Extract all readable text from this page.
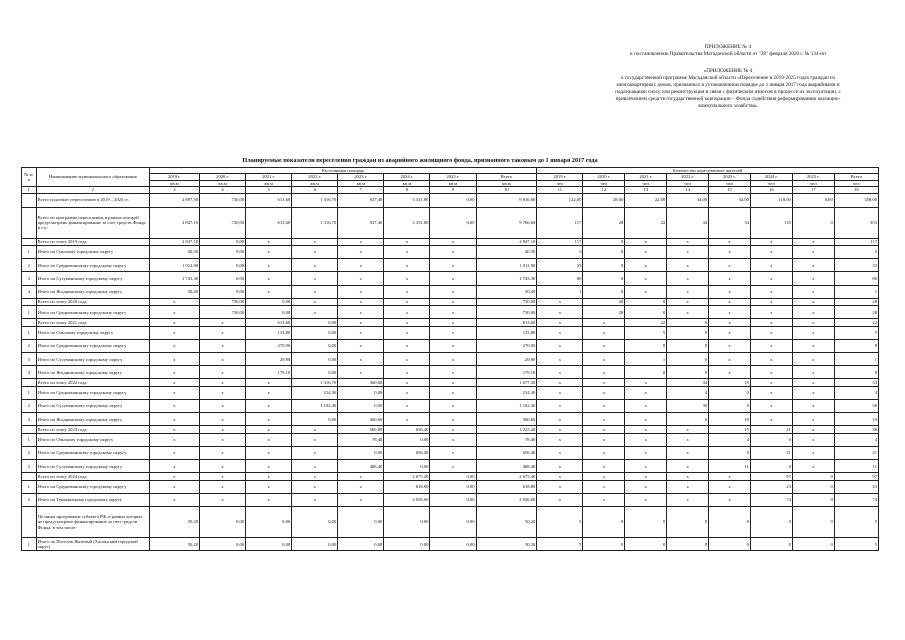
ПРИЛОЖЕНИЕ № 4
к постановлению Правительства Магаданской области от "28" февраля 2020 г. № 134-пп
«ПРИЛОЖЕНИЕ № 4
к государственной программе Магаданской области «Переселение в 2019-2025 годах граждан из многоквартирных домов, признанных в установленном порядке до 1 января 2017 года аварийными и подлежащими сносу или реконструкции в связи с физическим износом в процессе их эксплуатации, с привлечением средств государственной корпорации – Фонда содействия реформированию жилищно-коммунального хозяйства»
Планируемые показатели переселения граждан из аварийного жилищного фонда, признанного таковым до 1 января 2017 года
№ п/п	Наименование муниципального образования	Расселяемая площадь								Количество переселяемых жителей							
		2019 г.	2020 г.	2021 г.	2022 г.	2023 г.	2024 г.	2025 г.	Всего	2019 г.	2020 г.	2021 г.	2022 г.	2023 г.	2024 г.	2025 г.	Всего
		кв.м	кв.м	кв.м	кв.м	кв.м	кв.м	кв.м	кв.м	чел	чел	чел	чел	чел	чел	чел	чел
1	2	3	4	5	6	7	8	9	10	11	12	13	14	15	16	17	18
	Всего подлежит переселению в 2019 – 2025 гг.	2 897,30	730,00	613,60	1 316,70	927,40	3 331,80	0,00	9 816,80	122,00	28,00	22,00	34,00	34,00	118,00	0,00	358,00
	Всего по программе переселения, в рамках которой предусмотрено финансирование за счет средств Фонда, в т.ч.:	2 847,10	730,00	613,60	1 316,70	927,40	3 331,80	0,00	9 766,60	117	28	22	34	34	118	0	353
	Всего по этапу 2019 года	2 847,10	0,00	x	x	x	x	x	2 847,10	117	0	x	x	x	x	x	117
1	Итого по Ольскому городскому округу	40,50	0,00	x	x	x	x	x	40,50	3	0	x	x	x	x	x	3
2	Итого по Среднеканскому городскому округу	1 012,90	0,00	x	x	x	x	x	1 012,90	33	0	x	x	x	x	x	33
3	Итого по Сусуманскому городскому округу	1 743,30	0,00	x	x	x	x	x	1 743,30	80	0	x	x	x	x	x	80
4	Итого по Ягоднинскому городскому округу	50,40	0,00	x	x	x	x	x	50,40	1	0	x	x	x	x	x	1
	Всего по этапу 2020 года	x	730,00	0,00	x	x	x	x	730,00	x	28	0	x	x	x	x	28
1	Итого по Среднеканскому городскому округу	x	730,00	0,00	x	x	x	x	730,00	x	28	0	x	x	x	x	28
	Всего по этапу 2021 года	x	x	613,60	0,00	x	x	x	613,60	x	x	22	0	x	x	x	22
1	Итого по Ольскому городскому округу	x	x	133,80	0,00	x	x	x	133,80	x	x	5	0	x	x	x	5
2	Итого по Среднеканскому городскому округу	x	x	270,90	0,00	x	x	x	270,90	x	x	8	0	x	x	x	8
3	Итого по Сусуманскому городскому округу	x	x	29,80	0,00	x	x	x	29,80	x	x	1	0	x	x	x	1
4	Итого по Ягоднинскому городскому округу	x	x	179,10	0,00	x	x	x	179,10	x	x	8	0	x	x	x	8
	Всего по этапу 2022 года	x	x	x	1 316,70	360,60	x	x	1 677,30	x	x	x	34	19	x	x	53
1	Итого по Среднеканскому городскому округу	x	x	x	214,30	0,00	x	x	214,30	x	x	x	4	0	x	x	4
2	Итого по Сусуманскому городскому округу	x	x	x	1 102,40	0,00	x	x	1 102,40	x	x	x	30	0	x	x	30
3	Итого по Ягоднинскому городскому округу	x	x	x	0,00	360,60	x	x	360,60	x	x	x	0	19	x	x	19
	Всего по этапу 2023 года	x	x	x	x	566,80	656,40	x	1 223,20	x	x	x	x	15	21	x	36
1	Итого по Ольскому городскому округу	x	x	x	x	78,40	0,00	x	78,40	x	x	x	x	4	0	x	4
2	Итого по Среднеканскому городскому округу	x	x	x	x	0,00	656,40	x	656,40	x	x	x	x	0	21	x	21
3	Итого по Сусуманскому городскому округу	x	x	x	x	488,40	0,00	x	488,40	x	x	x	x	11	0	x	11
	Всего по этапу 2024 года	x	x	x	x	x	2 675,40	0,00	2 675,40	x	x	x	x	x	97	0	97
1	Итого по Среднеканскому городскому округу	x	x	x	x	x	618,80	0,00	618,80	x	x	x	x	x	23	0	23
2	Итого по Тенькинскому городскому округу	x	x	x	x	x	2 056,60	0,00	2 056,60	x	x	x	x	x	74	0	74
	По иным программам субъекта РФ, в рамках которых не предусмотрено финансирование за счет средств Фонда, в том числе:	50,20	0,00	0,00	0,00	0,00	0,00	0,00	50,20	5	0	0	0	0	0	0	5
1	Итого по Поселок Жатовый (Хасынский городской округ)	50,20	0,00	0,00	0,00	0,00	0,00	0,00	50,20	5	0	0	0	0	0	0	5
